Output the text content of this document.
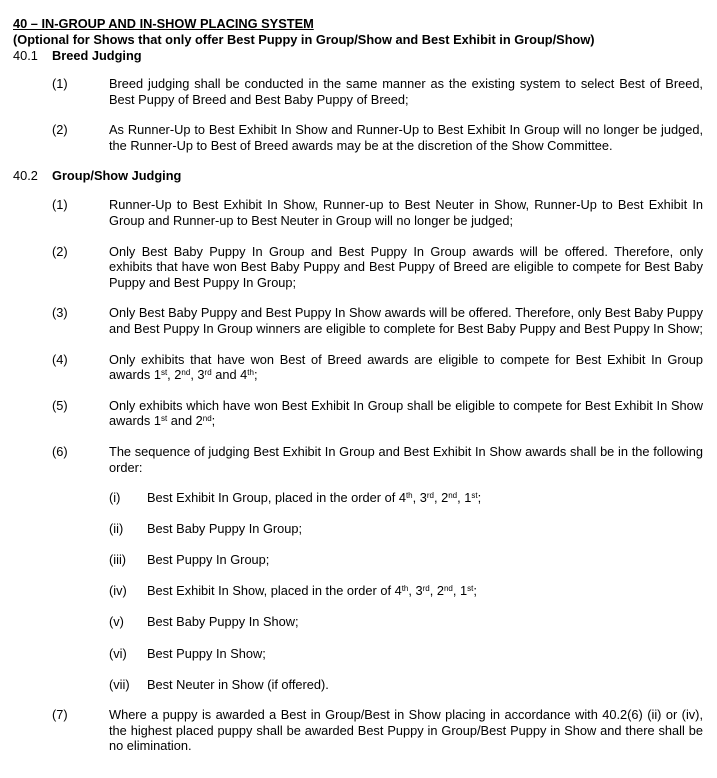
40 – IN-GROUP AND IN-SHOW PLACING SYSTEM
(Optional for Shows that only offer Best Puppy in Group/Show and Best Exhibit in Group/Show)
40.1	Breed Judging
(1)	Breed judging shall be conducted in the same manner as the existing system to select Best of Breed, Best Puppy of Breed and Best Baby Puppy of Breed;
(2)	As Runner-Up to Best Exhibit In Show and Runner-Up to Best Exhibit In Group will no longer be judged, the Runner-Up to Best of Breed awards may be at the discretion of the Show Committee.
40.2	Group/Show Judging
(1)	Runner-Up to Best Exhibit In Show, Runner-up to Best Neuter in Show, Runner-Up to Best Exhibit In Group and Runner-up to Best Neuter in Group will no longer be judged;
(2)	Only Best Baby Puppy In Group and Best Puppy In Group awards will be offered. Therefore, only exhibits that have won Best Baby Puppy and Best Puppy of Breed are eligible to compete for Best Baby Puppy and Best Puppy In Group;
(3)	Only Best Baby Puppy and Best Puppy In Show awards will be offered. Therefore, only Best Baby Puppy and Best Puppy In Group winners are eligible to complete for Best Baby Puppy and Best Puppy In Show;
(4)	Only exhibits that have won Best of Breed awards are eligible to compete for Best Exhibit In Group awards 1st, 2nd, 3rd and 4th;
(5)	Only exhibits which have won Best Exhibit In Group shall be eligible to compete for Best Exhibit In Show awards 1st and 2nd;
(6)	The sequence of judging Best Exhibit In Group and Best Exhibit In Show awards shall be in the following order:
(i) Best Exhibit In Group, placed in the order of 4th, 3rd, 2nd, 1st;
(ii) Best Baby Puppy In Group;
(iii) Best Puppy In Group;
(iv) Best Exhibit In Show, placed in the order of 4th, 3rd, 2nd, 1st;
(v) Best Baby Puppy In Show;
(vi) Best Puppy In Show;
(vii) Best Neuter in Show (if offered).
(7)	Where a puppy is awarded a Best in Group/Best in Show placing in accordance with 40.2(6) (ii) or (iv), the highest placed puppy shall be awarded Best Puppy in Group/Best Puppy in Show and there shall be no elimination.
